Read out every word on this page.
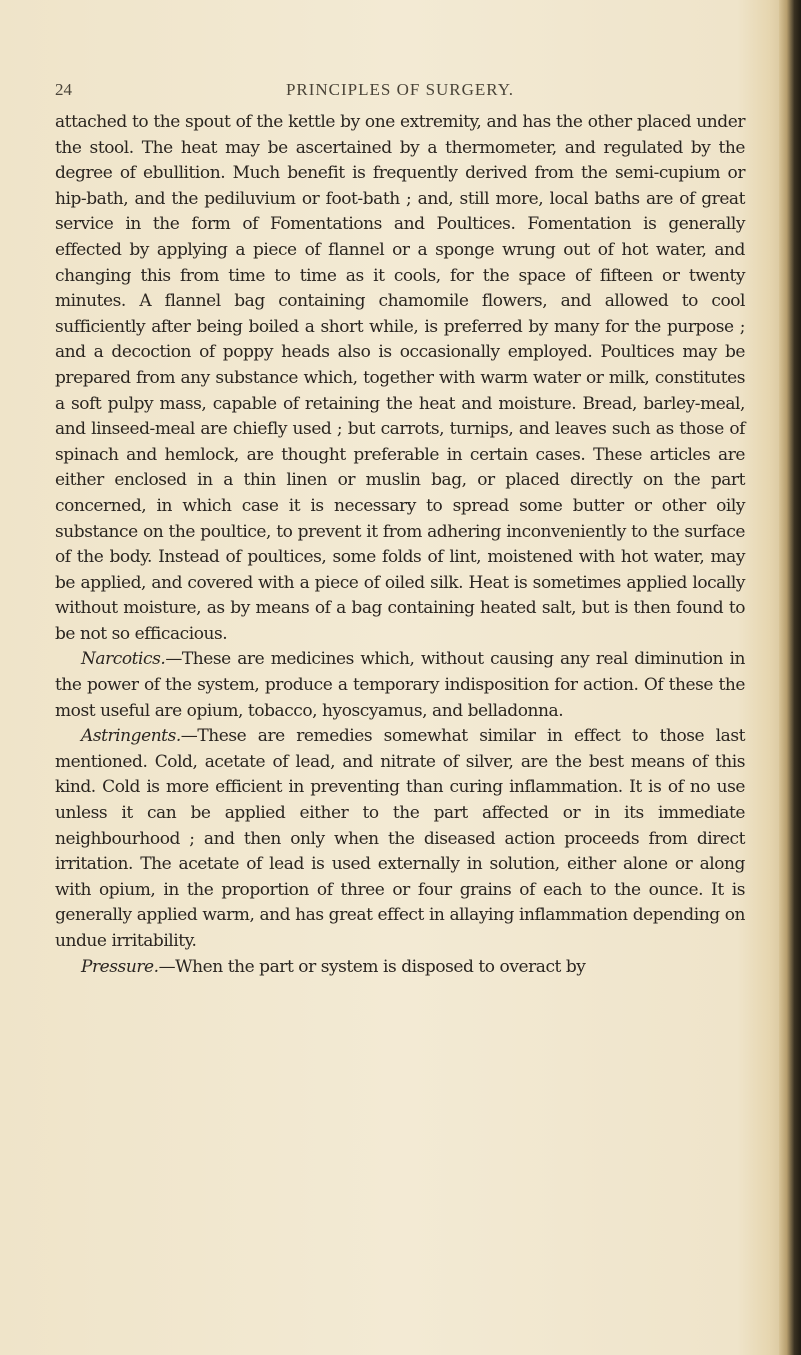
24	PRINCIPLES OF SURGERY.

attached to the spout of the kettle by one extremity, and has the other placed under the stool. The heat may be ascertained by a thermometer, and regulated by the degree of ebullition. Much benefit is frequently derived from the semi-cupium or hip-bath, and the pediluvium or foot-bath ; and, still more, local baths are of great service in the form of Fomentations and Poultices. Fomentation is generally effected by applying a piece of flannel or a sponge wrung out of hot water, and changing this from time to time as it cools, for the space of fifteen or twenty minutes. A flannel bag containing chamomile flowers, and allowed to cool sufficiently after being boiled a short while, is preferred by many for the purpose ; and a decoction of poppy heads also is occasionally employed. Poultices may be prepared from any substance which, together with warm water or milk, constitutes a soft pulpy mass, capable of retaining the heat and moisture. Bread, barley-meal, and linseed-meal are chiefly used ; but carrots, turnips, and leaves such as those of spinach and hemlock, are thought preferable in certain cases. These articles are either enclosed in a thin linen or muslin bag, or placed directly on the part concerned, in which case it is necessary to spread some butter or other oily substance on the poultice, to prevent it from adhering inconveniently to the surface of the body. Instead of poultices, some folds of lint, moistened with hot water, may be applied, and covered with a piece of oiled silk. Heat is sometimes applied locally without moisture, as by means of a bag containing heated salt, but is then found to be not so efficacious.

Narcotics.—These are medicines which, without causing any real diminution in the power of the system, produce a temporary indisposition for action. Of these the most useful are opium, tobacco, hyoscyamus, and belladonna.

Astringents.—These are remedies somewhat similar in effect to those last mentioned. Cold, acetate of lead, and nitrate of silver, are the best means of this kind. Cold is more efficient in preventing than curing inflammation. It is of no use unless it can be applied either to the part affected or in its immediate neighbourhood ; and then only when the diseased action proceeds from direct irritation. The acetate of lead is used externally in solution, either alone or along with opium, in the proportion of three or four grains of each to the ounce. It is generally applied warm, and has great effect in allaying inflammation depending on undue irritability.

Pressure.—When the part or system is disposed to overact by
